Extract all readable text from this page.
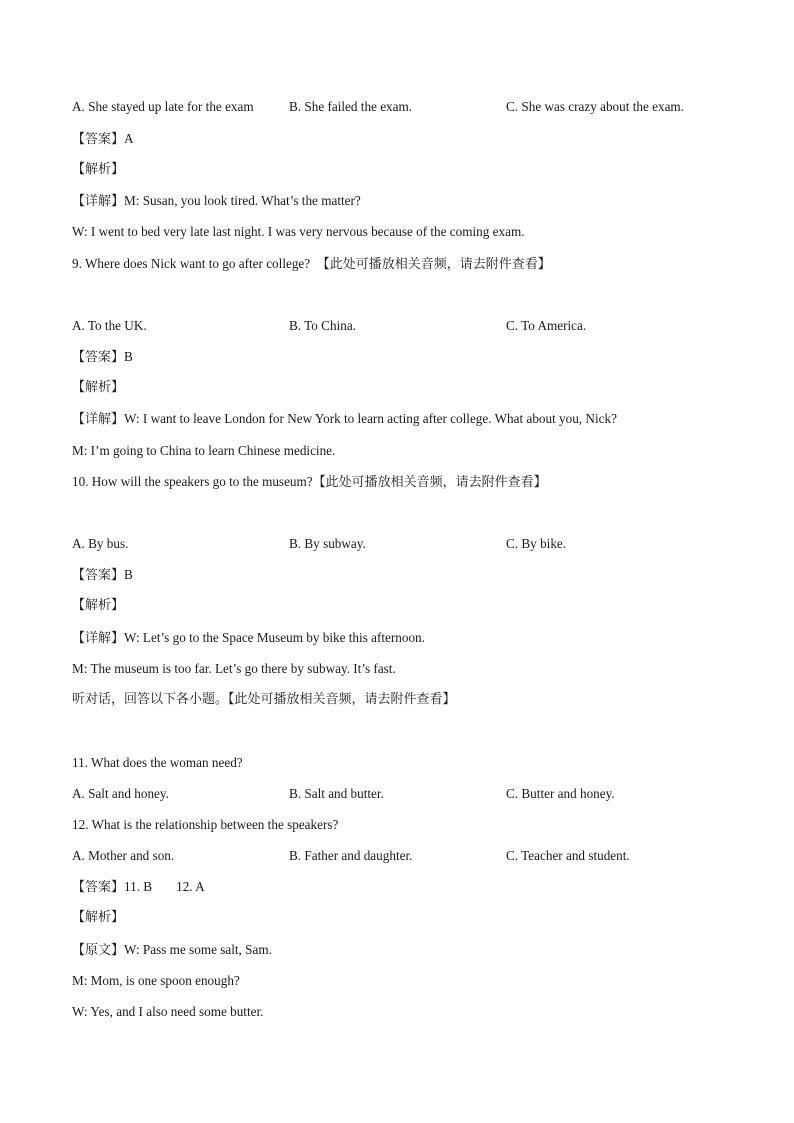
A. She stayed up late for the exam	B. She failed the exam.	C. She was crazy about the exam.
【答案】A
【解析】
【详解】M: Susan, you look tired. What’s the matter?
W: I went to bed very late last night. I was very nervous because of the coming exam.
9. Where does Nick want to go after college? 【此处可播放相关音频，请去附件查看】
A. To the UK.	B. To China.	C. To America.
【答案】B
【解析】
【详解】W: I want to leave London for New York to learn acting after college. What about you, Nick?
M: I’m going to China to learn Chinese medicine.
10. How will the speakers go to the museum?【此处可播放相关音频，请去附件查看】
A. By bus.	B. By subway.	C. By bike.
【答案】B
【解析】
【详解】W: Let’s go to the Space Museum by bike this afternoon.
M: The museum is too far. Let’s go there by subway. It’s fast.
听对话，回答以下各小题。【此处可播放相关音频，请去附件查看】
11. What does the woman need?
A. Salt and honey.	B. Salt and butter.	C. Butter and honey.
12. What is the relationship between the speakers?
A. Mother and son.	B. Father and daughter.	C. Teacher and student.
【答案】11. B 12. A
【解析】
【原文】W: Pass me some salt, Sam.
M: Mom, is one spoon enough?
W: Yes, and I also need some butter.
